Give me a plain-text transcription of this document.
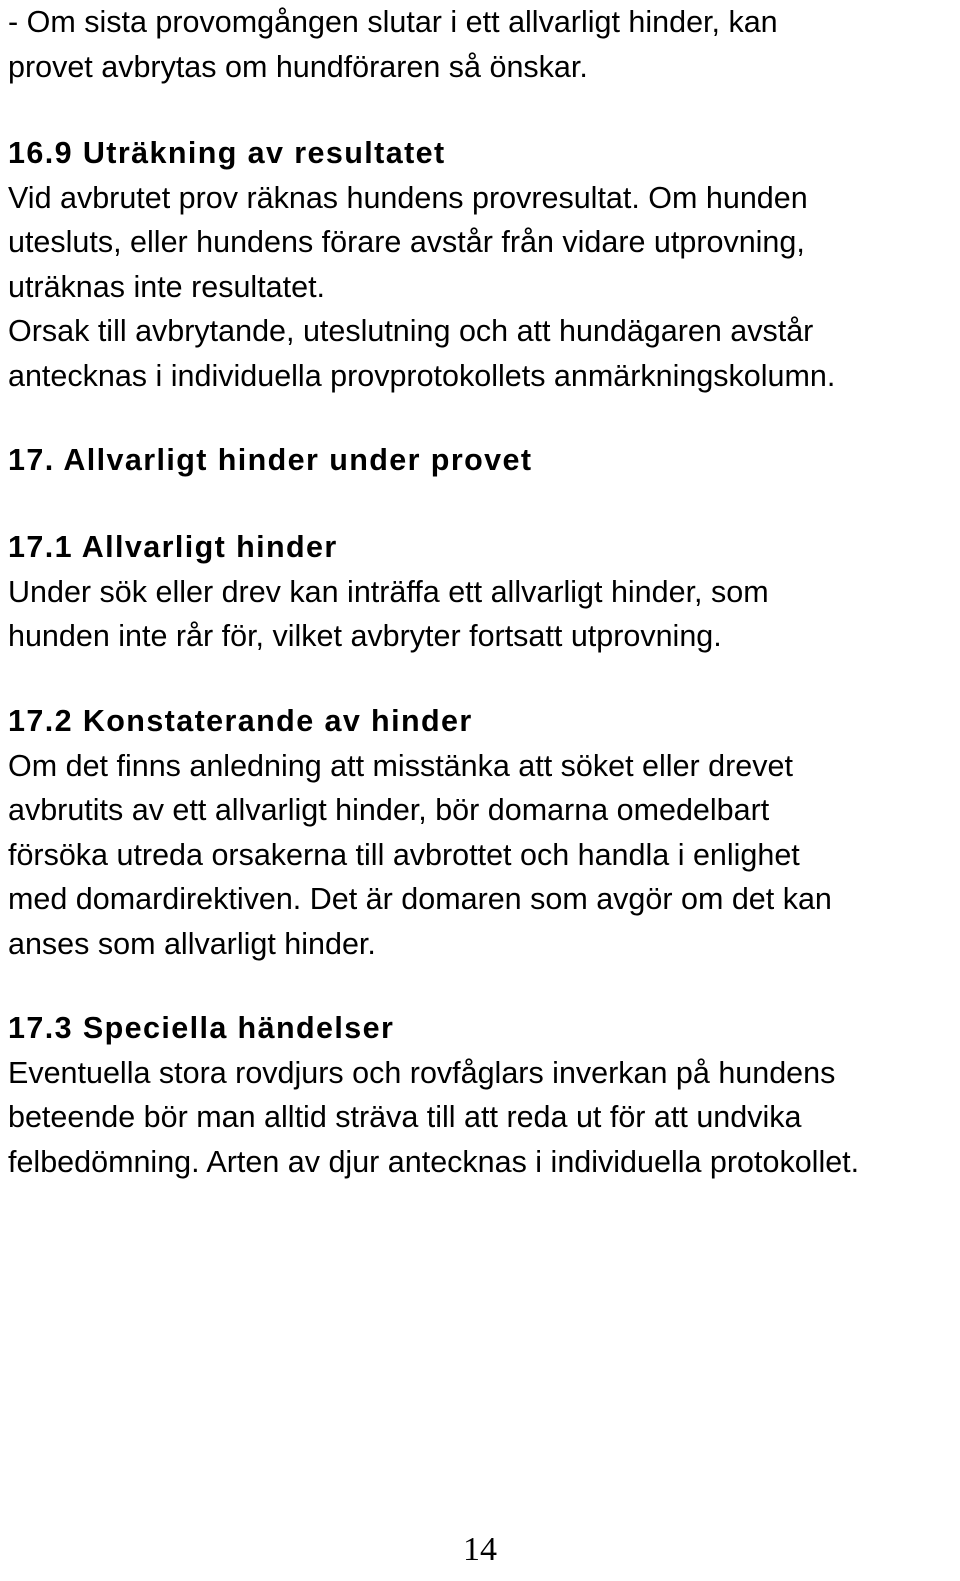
- Om sista provomgången slutar i ett allvarligt hinder, kan
provet avbrytas om hundföraren så önskar.
16.9 Uträkning av resultatet
Vid avbrutet prov räknas hundens provresultat. Om hunden
utesluts, eller hundens förare avstår från vidare utprovning,
uträknas inte resultatet.
Orsak till avbrytande, uteslutning och att hundägaren avstår
antecknas i individuella provprotokollets anmärkningskolumn.
17. Allvarligt hinder under provet
17.1 Allvarligt hinder
Under sök eller drev kan inträffa ett allvarligt hinder, som
hunden inte rår för, vilket avbryter fortsatt utprovning.
17.2 Konstaterande av hinder
Om det finns anledning att misstänka att söket eller drevet
avbrutits av ett allvarligt hinder, bör domarna omedelbart
försöka utreda orsakerna till avbrottet och handla i enlighet
med domardirektiven. Det är domaren som avgör om det kan
anses som allvarligt hinder.
17.3 Speciella händelser
Eventuella stora rovdjurs och rovfåglars inverkan på hundens
beteende bör man alltid sträva till att reda ut för att undvika
felbedömning. Arten av djur antecknas i individuella protokollet.
14
